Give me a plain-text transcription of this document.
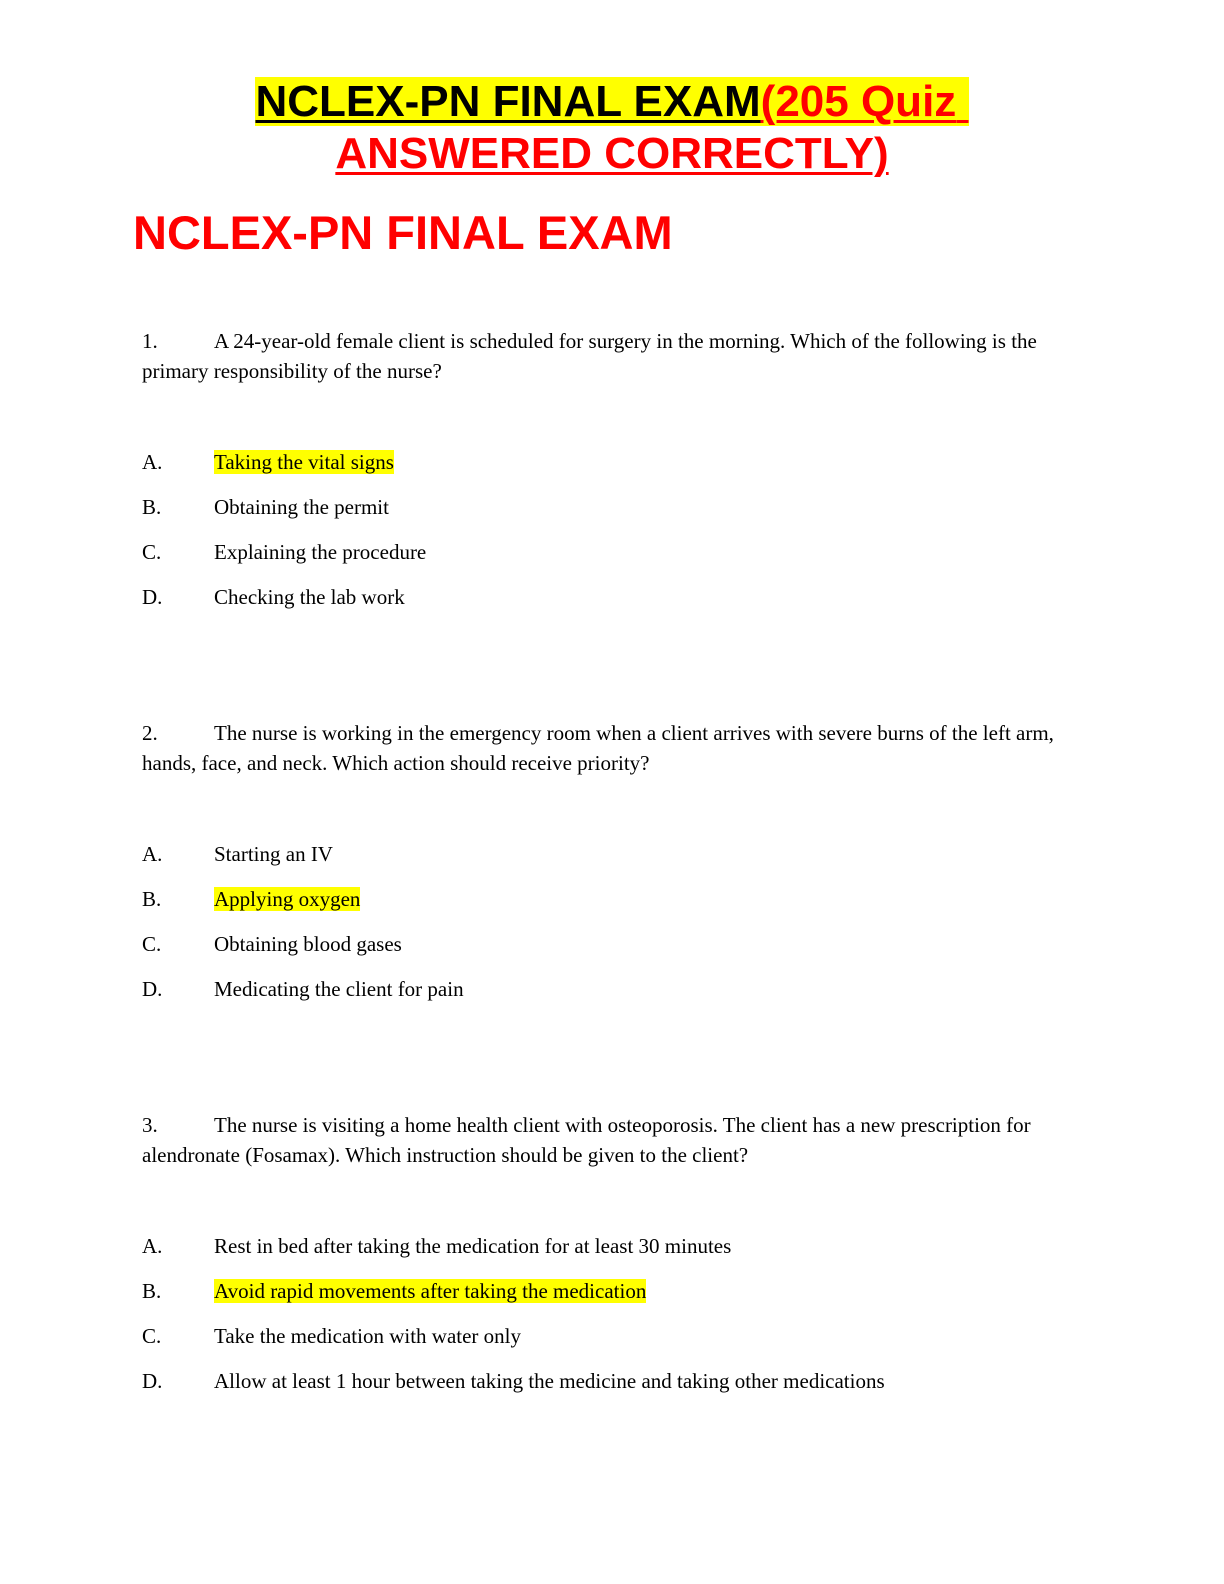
NCLEX-PN FINAL EXAM(205 Quiz
ANSWERED CORRECTLY)
NCLEX-PN FINAL EXAM
1.	A 24-year-old female client is scheduled for surgery in the morning. Which of the following is the primary responsibility of the nurse?
A. Taking the vital signs
B.	Obtaining the permit
C.	Explaining the procedure
D. Checking the lab work
2.	The nurse is working in the emergency room when a client arrives with severe burns of the left arm, hands, face, and neck. Which action should receive priority?
A. Starting an IV
B.	Applying oxygen
C.	Obtaining blood gases
D. Medicating the client for pain
3.	The nurse is visiting a home health client with osteoporosis. The client has a new prescription for alendronate (Fosamax). Which instruction should be given to the client?
A. Rest in bed after taking the medication for at least 30 minutes
B.	Avoid rapid movements after taking the medication
C.	Take the medication with water only
D. Allow at least 1 hour between taking the medicine and taking other medications
